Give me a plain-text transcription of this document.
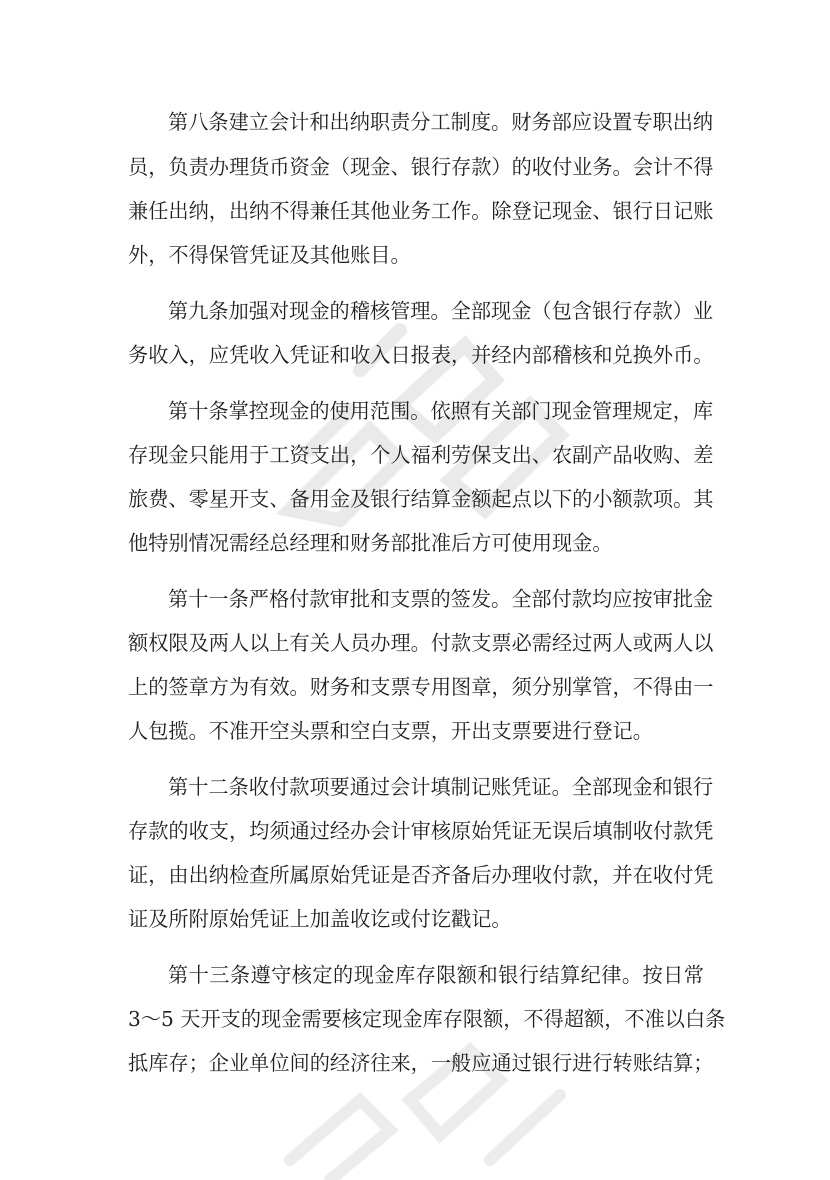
第八条建立会计和出纳职责分工制度。财务部应设置专职出纳
员，负责办理货币资金（现金、银行存款）的收付业务。会计不得
兼任出纳，出纳不得兼任其他业务工作。除登记现金、银行日记账
外，不得保管凭证及其他账目。
第九条加强对现金的稽核管理。全部现金（包含银行存款）业
务收入，应凭收入凭证和收入日报表，并经内部稽核和兑换外币。
第十条掌控现金的使用范围。依照有关部门现金管理规定，库
存现金只能用于工资支出，个人福利劳保支出、农副产品收购、差
旅费、零星开支、备用金及银行结算金额起点以下的小额款项。其
他特别情况需经总经理和财务部批准后方可使用现金。
第十一条严格付款审批和支票的签发。全部付款均应按审批金
额权限及两人以上有关人员办理。付款支票必需经过两人或两人以
上的签章方为有效。财务和支票专用图章，须分别掌管，不得由一
人包揽。不准开空头票和空白支票，开出支票要进行登记。
第十二条收付款项要通过会计填制记账凭证。全部现金和银行
存款的收支，均须通过经办会计审核原始凭证无误后填制收付款凭
证，由出纳检查所属原始凭证是否齐备后办理收付款，并在收付凭
证及所附原始凭证上加盖收讫或付讫戳记。
第十三条遵守核定的现金库存限额和银行结算纪律。按日常
3～5 天开支的现金需要核定现金库存限额，不得超额，不准以白条
抵库存；企业单位间的经济往来，一般应通过银行进行转账结算；
